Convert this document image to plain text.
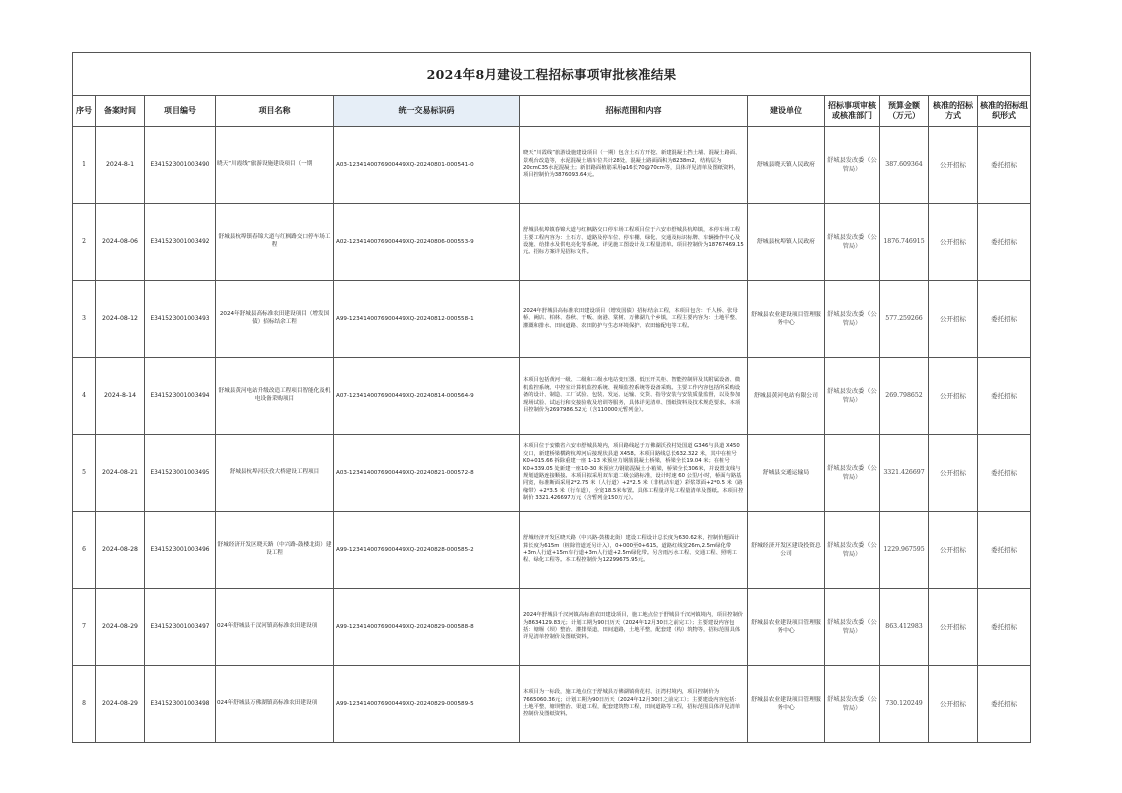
2024年8月建设工程招标事项审批核准结果										
序号	备案时间	项目编号	项目名称	统一交易标识码	招标范围和内容	建设单位	招标事项审核或核准部门	预算金额（万元）	核准的招标方式	核准的招标组织形式
1	2024-8-1	E341523001003490	晓天“川霞线”旅游设施建设项目（一期	A03-1234140076900449XQ-20240801-000541-0	晓天“川霞线”旅游设施建设项目（一期）包含土石方开挖、新建混凝土挡土墙、混凝土路面、景观台改造等，水泥混凝土墙车位共计28处，混凝土路面面积为8238m2，结构层为20cmC35水泥混凝土；新旧路面植筋采用φ16长70@70cm等，具体详见清单及图纸资料，项目控制价为3876093.64元。	舒城县晓天镇人民政府	舒城县发改委（公管局）	387.609364	公开招标	委托招标
2	2024-08-06	E341523001003492	舒城县杭埠镇春锦大道与红枫路交口停车场工程	A02-1234140076900449XQ-20240806-000553-9	舒城县杭埠镇春锦大道与红枫路交口停车场工程项目位于六安市舒城县杭埠镇，本停车场工程主要工程内容为：土石方、道路及停车位、停车棚、绿化、交通及标识标牌、车辆操作中心及设施、给排水及供电亮化等系统。详见施工图设计及工程量清单。项目控制价为18767469.15元。招标方案详见招标文件。	舒城县杭埠镇人民政府	舒城县发改委（公管局）	1876.746915	公开招标	委托招标
3	2024-08-12	E341523001003493	2024年舒城县高标准农田建设项目（增发国债）招标结余工程	A99-1234140076900449XQ-20240812-000558-1	2024年舒城县高标准农田建设项目（增发国债）招标结余工程，本项目包含：千人桥、张母桥、阙店、柏林、春秋、干畈、南港、棠树、万佛湖九个乡镇，工程主要内容为：土地平整、灌溉和排水、田间道路、农田防护与生态环境保护、农田输配电等工程。	舒城县农业建设项目管理服务中心	舒城县发改委（公管局）	577.259266	公开招标	委托招标
4	2024-8-14	E341523001003494	舒城县黄河电站升级改造工程项目智能化及机电设备采购项目	A07-1234140076900449XQ-20240814-000564-9	本项目包括黄河一级、二级和三级水电站变压器、低压开关柜、智能控制屏及其附属设备、微机监控系统、中控室计算机监控系统、视频监控系统等设备采购。主要工作内容包括所采购设备的设计、制造、工厂试验、包装、发运、运输、交货、指导安装与安装质量监督，以及参加现场试验、试运行和交接验收及培训等服务，具体详见清单、图纸资料及技术规范要求。本项目控制价为2697986.52元（含110000元暂列金）。	舒城县黄河电站有限公司	舒城县发改委（公管局）	269.798652	公开招标	委托招标
5	2024-08-21	E341523001003495	舒城县杭埠河沃孜大桥建设工程项目	A03-1234140076900449XQ-20240821-000572-8	本项目位于安徽省六安市舒城县境内，项目路线起于万佛湖沃孜村处国道 G346与县道 X450 交口，新建桥梁横跨杭埠河后接现状县道 X458。本项目路线总长632.322 米，其中在桩号 K0+015.66 拆除重建一座 1-13 米预应力钢筋混凝土桥梁，桥梁全长19.04 米；在桩号 K0+339.05 处新建一座10-30 米预应力钢筋混凝土小箱梁，桥梁全长306米，并设置支线与规划道路连接顺接。本项目拟采用双车道二级公路标准，设计时速 60 公里/小时，桥面与路基同宽，标准断面采用2*2.75 米（人行道）+2*2.5 米（非机动车道）彩浆罩面+2*0.5 米（路缘带）+2*3.5 米（行车道），全宽18.5米布置。具体工程量详见工程量清单及图纸。本项目控制价 3321.426697万元（含暂列金150万元）。	舒城县交通运输局	舒城县发改委（公管局）	3321.426697	公开招标	委托招标
6	2024-08-28	E341523001003496	舒城经济开发区晓天路（中兴路-鼓楼北街）建设工程	A99-1234140076900449XQ-20240828-000585-2	舒城经济开发区晓天路（中兴路-鼓楼北街）建设工程设计总长度为630.62米，控制价题面计算长度为615m（桩除管道近另计入），0+000至0+615。道路红线宽26m,2.5m绿化带+3m人行道+15m车行道+3m人行道+2.5m绿化带。另含雨污水工程、交通工程、照明工程、绿化工程等。本工程控制价为12299675.95元。	舒城经济开发区建设投资总公司	舒城县发改委（公管局）	1229.967595	公开招标	委托招标
7	2024-08-29	E341523001003497	024年舒城县千汊河镇高标准农田建设项	A99-1234140076900449XQ-20240829-000588-8	2024年舒城县千汊河镇高标准农田建设项目，施工地点位于舒城县千汊河镇境内，项目控制价为8634129.83元；计划工期为90日历天（2024年12月30日之前完工）；主要建设内容包括：塘堰（坝）整治、灌排渠道，田间道路，土地平整，配套建（构）筑物等，招标范围具体详见清单控制价及图纸资料。	舒城县农业建设项目管理服务中心	舒城县发改委（公管局）	863.412983	公开招标	委托招标
8	2024-08-29	E341523001003498	024年舒城县万佛湖镇高标准农田建设项	A99-1234140076900449XQ-20240829-000589-5	本项目为一标段，施工地点位于舒城县万佛湖镇荷花村、汪湾村境内，项目控制价为7665060.36元；计划工期为90日历天（2024年12月30日之前完工）；主要建设内容包括：土地平整，塘坝整治、渠道工程，配套建筑物工程，田间道路等工程，招标范围具体详见清单控制价及图纸资料。	舒城县农业建设项目管理服务中心	舒城县发改委（公管局）	730.120249	公开招标	委托招标
